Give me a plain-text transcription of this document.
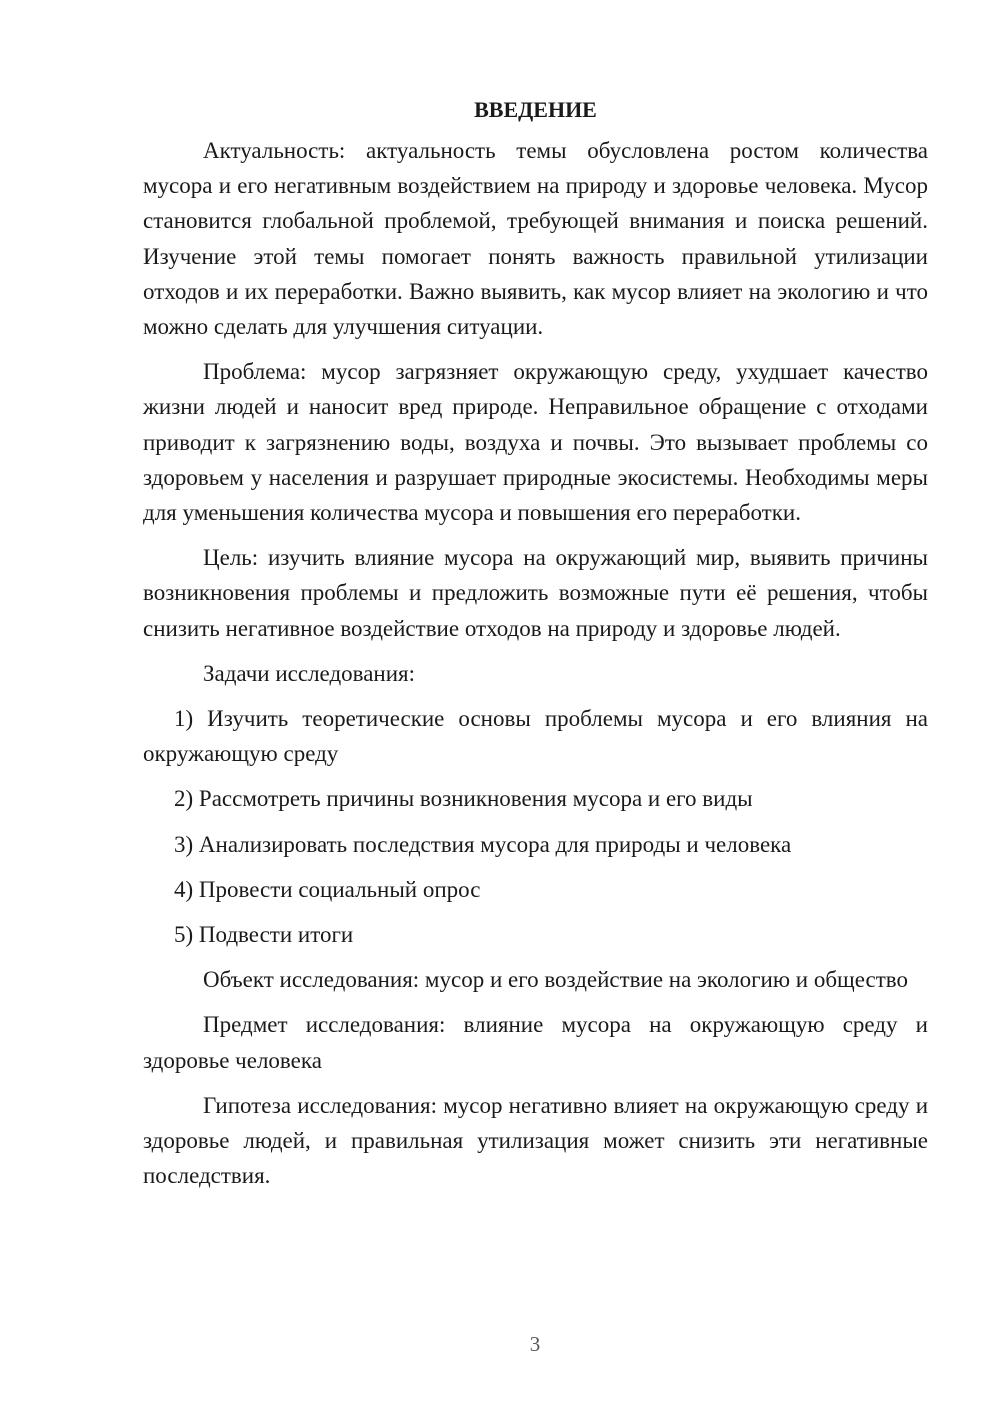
ВВЕДЕНИЕ

Актуальность: актуальность темы обусловлена ростом количества мусора и его негативным воздействием на природу и здоровье человека. Мусор становится глобальной проблемой, требующей внимания и поиска решений. Изучение этой темы помогает понять важность правильной утилизации отходов и их переработки. Важно выявить, как мусор влияет на экологию и что можно сделать для улучшения ситуации.

Проблема: мусор загрязняет окружающую среду, ухудшает качество жизни людей и наносит вред природе. Неправильное обращение с отходами приводит к загрязнению воды, воздуха и почвы. Это вызывает проблемы со здоровьем у населения и разрушает природные экосистемы. Необходимы меры для уменьшения количества мусора и повышения его переработки.

Цель: изучить влияние мусора на окружающий мир, выявить причины возникновения проблемы и предложить возможные пути её решения, чтобы снизить негативное воздействие отходов на природу и здоровье людей.

Задачи исследования:

1) Изучить теоретические основы проблемы мусора и его влияния на окружающую среду

2) Рассмотреть причины возникновения мусора и его виды

3) Анализировать последствия мусора для природы и человека

4) Провести социальный опрос

5) Подвести итоги

Объект исследования: мусор и его воздействие на экологию и общество

Предмет исследования: влияние мусора на окружающую среду и здоровье человека

Гипотеза исследования: мусор негативно влияет на окружающую среду и здоровье людей, и правильная утилизация может снизить эти негативные последствия.

3
